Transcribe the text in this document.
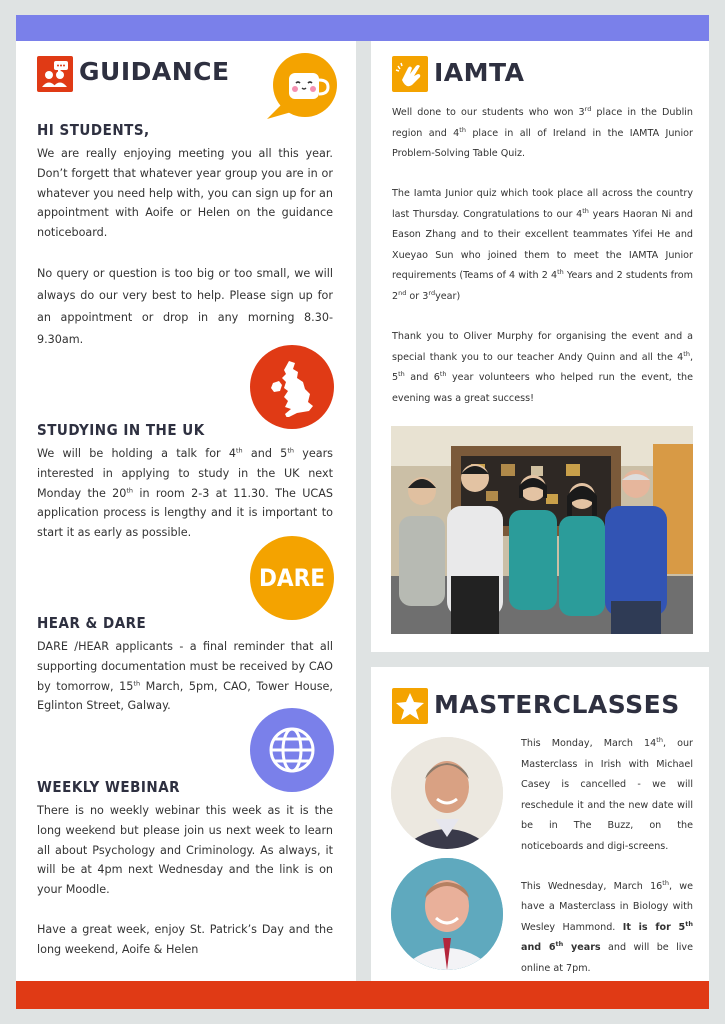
GUIDANCE
HI STUDENTS,

We are really enjoying meeting you all this year. Don’t forgett that whatever year group you are in or whatever you need help with, you can sign up for an appointment with Aoife or Helen on the guidance noticeboard.

No query or question is too big or too small, we will always do our very best to help. Please sign up for an appointment or drop in any morning 8.30-9.30am.

STUDYING IN THE UK
We will be holding a talk for 4th and 5th years interested in applying to study in the UK next Monday the 20th in room 2-3 at 11.30. The UCAS application process is lengthy and it is important to start it as early as possible.
DARE
HEAR & DARE
DARE /HEAR applicants - a final reminder that all supporting documentation must be received by CAO by tomorrow, 15th March, 5pm, CAO, Tower House, Eglinton Street, Galway.
WEEKLY WEBINAR

There is no weekly webinar this week as it is the long weekend but please join us next week to learn all about Psychology and Criminology. As always, it will be at 4pm next Wednesday and the link is on your Moodle.

Have a great week, enjoy St. Patrick’s Day and the long weekend, Aoife & Helen

IAMTA

Well done to our students who won 3rd place in the Dublin region and 4th place in all of Ireland in the IAMTA Junior Problem-Solving Table Quiz.

The Iamta Junior quiz which took place all across the country last Thursday. Congratulations to our 4th years Haoran Ni and Eason Zhang and to their excellent teammates Yifei He and Xueyao Sun who joined them to meet the IAMTA Junior requirements (Teams of 4 with 2 4th Years and 2 students from 2nd or 3rdyear)

Thank you to Oliver Murphy for organising the event and a special thank you to our teacher Andy Quinn and all the 4th, 5th and 6th year volunteers who helped run the event, the evening was a great success!

MASTERCLASSES

This Monday, March 14th, our Masterclass in Irish with Michael Casey is cancelled - we will reschedule it and the new date will be in The Buzz, on the noticeboards and digi-screens.

This Wednesday, March 16th, we have a Masterclass in Biology with Wesley Hammond. It is for 5th and 6th years and will be live online at 7pm.
